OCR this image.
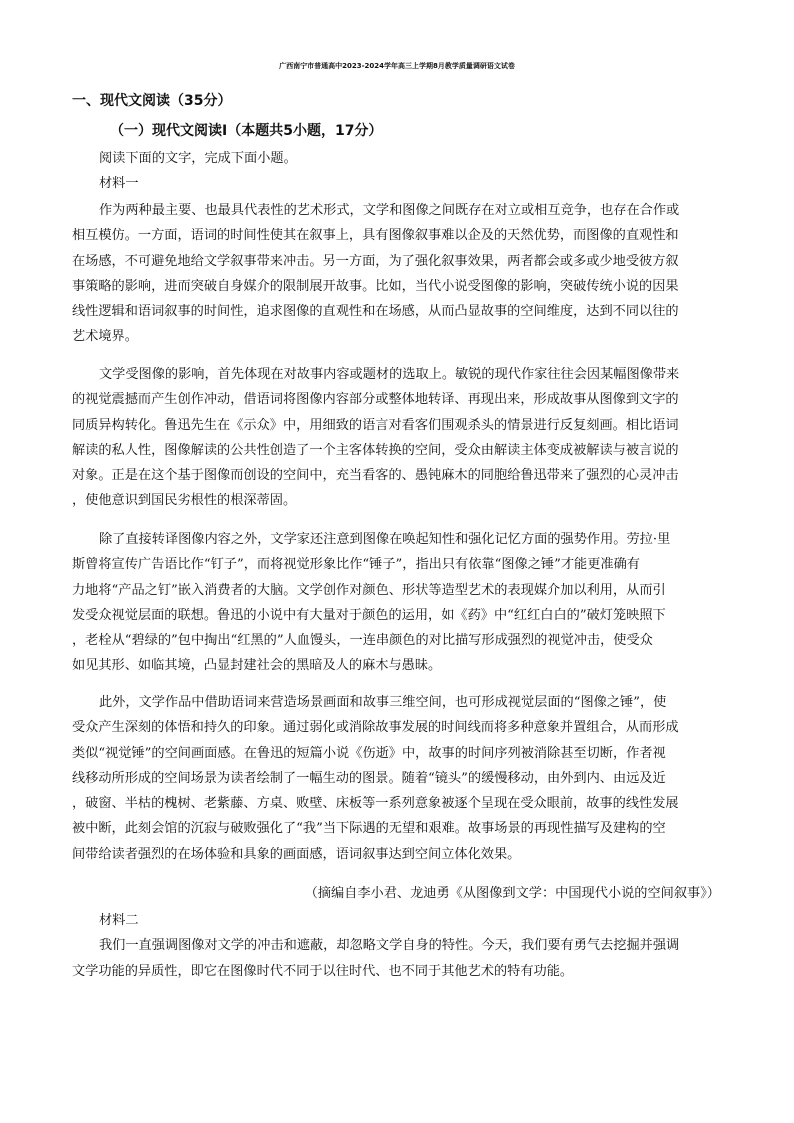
广西南宁市普通高中2023-2024学年高三上学期8月教学质量调研语文试卷
一、现代文阅读（35分）
（一）现代文阅读I（本题共5小题，17分）
阅读下面的文字，完成下面小题。
材料一
作为两种最主要、也最具代表性的艺术形式，文学和图像之间既存在对立或相互竞争，也存在合作或
相互模仿。一方面，语词的时间性使其在叙事上，具有图像叙事难以企及的天然优势，而图像的直观性和
在场感，不可避免地给文学叙事带来冲击。另一方面，为了强化叙事效果，两者都会或多或少地受彼方叙
事策略的影响，进而突破自身媒介的限制展开故事。比如，当代小说受图像的影响，突破传统小说的因果
线性逻辑和语词叙事的时间性，追求图像的直观性和在场感，从而凸显故事的空间维度，达到不同以往的
艺术境界。
文学受图像的影响，首先体现在对故事内容或题材的选取上。敏锐的现代作家往往会因某幅图像带来
的视觉震撼而产生创作冲动，借语词将图像内容部分或整体地转译、再现出来，形成故事从图像到文字的
同质异构转化。鲁迅先生在《示众》中，用细致的语言对看客们围观杀头的情景进行反复刻画。相比语词
解读的私人性，图像解读的公共性创造了一个主客体转换的空间，受众由解读主体变成被解读与被言说的
对象。正是在这个基于图像而创设的空间中，充当看客的、愚钝麻木的同胞给鲁迅带来了强烈的心灵冲击
，使他意识到国民劣根性的根深蒂固。
除了直接转译图像内容之外，文学家还注意到图像在唤起知性和强化记忆方面的强势作用。劳拉·里
斯曾将宣传广告语比作“钉子”，而将视觉形象比作“锤子”，指出只有依靠“图像之锤”才能更准确有
力地将“产品之钉”嵌入消费者的大脑。文学创作对颜色、形状等造型艺术的表现媒介加以利用，从而引
发受众视觉层面的联想。鲁迅的小说中有大量对于颜色的运用，如《药》中“红红白白的”破灯笼映照下
，老栓从“碧绿的”包中掏出“红黑的”人血馒头，一连串颜色的对比描写形成强烈的视觉冲击，使受众
如见其形、如临其境，凸显封建社会的黑暗及人的麻木与愚昧。
此外，文学作品中借助语词来营造场景画面和故事三维空间，也可形成视觉层面的“图像之锤”，使
受众产生深刻的体悟和持久的印象。通过弱化或消除故事发展的时间线而将多种意象并置组合，从而形成
类似“视觉锤”的空间画面感。在鲁迅的短篇小说《伤逝》中，故事的时间序列被消除甚至切断，作者视
线移动所形成的空间场景为读者绘制了一幅生动的图景。随着“镜头”的缓慢移动，由外到内、由远及近
，破窗、半枯的槐树、老紫藤、方桌、败壁、床板等一系列意象被逐个呈现在受众眼前，故事的线性发展
被中断，此刻会馆的沉寂与破败强化了“我”当下际遇的无望和艰难。故事场景的再现性描写及建构的空
间带给读者强烈的在场体验和具象的画面感，语词叙事达到空间立体化效果。
（摘编自李小君、龙迪勇《从图像到文学：中国现代小说的空间叙事》）
材料二
我们一直强调图像对文学的冲击和遮蔽，却忽略文学自身的特性。今天，我们要有勇气去挖掘并强调
文学功能的异质性，即它在图像时代不同于以往时代、也不同于其他艺术的特有功能。
